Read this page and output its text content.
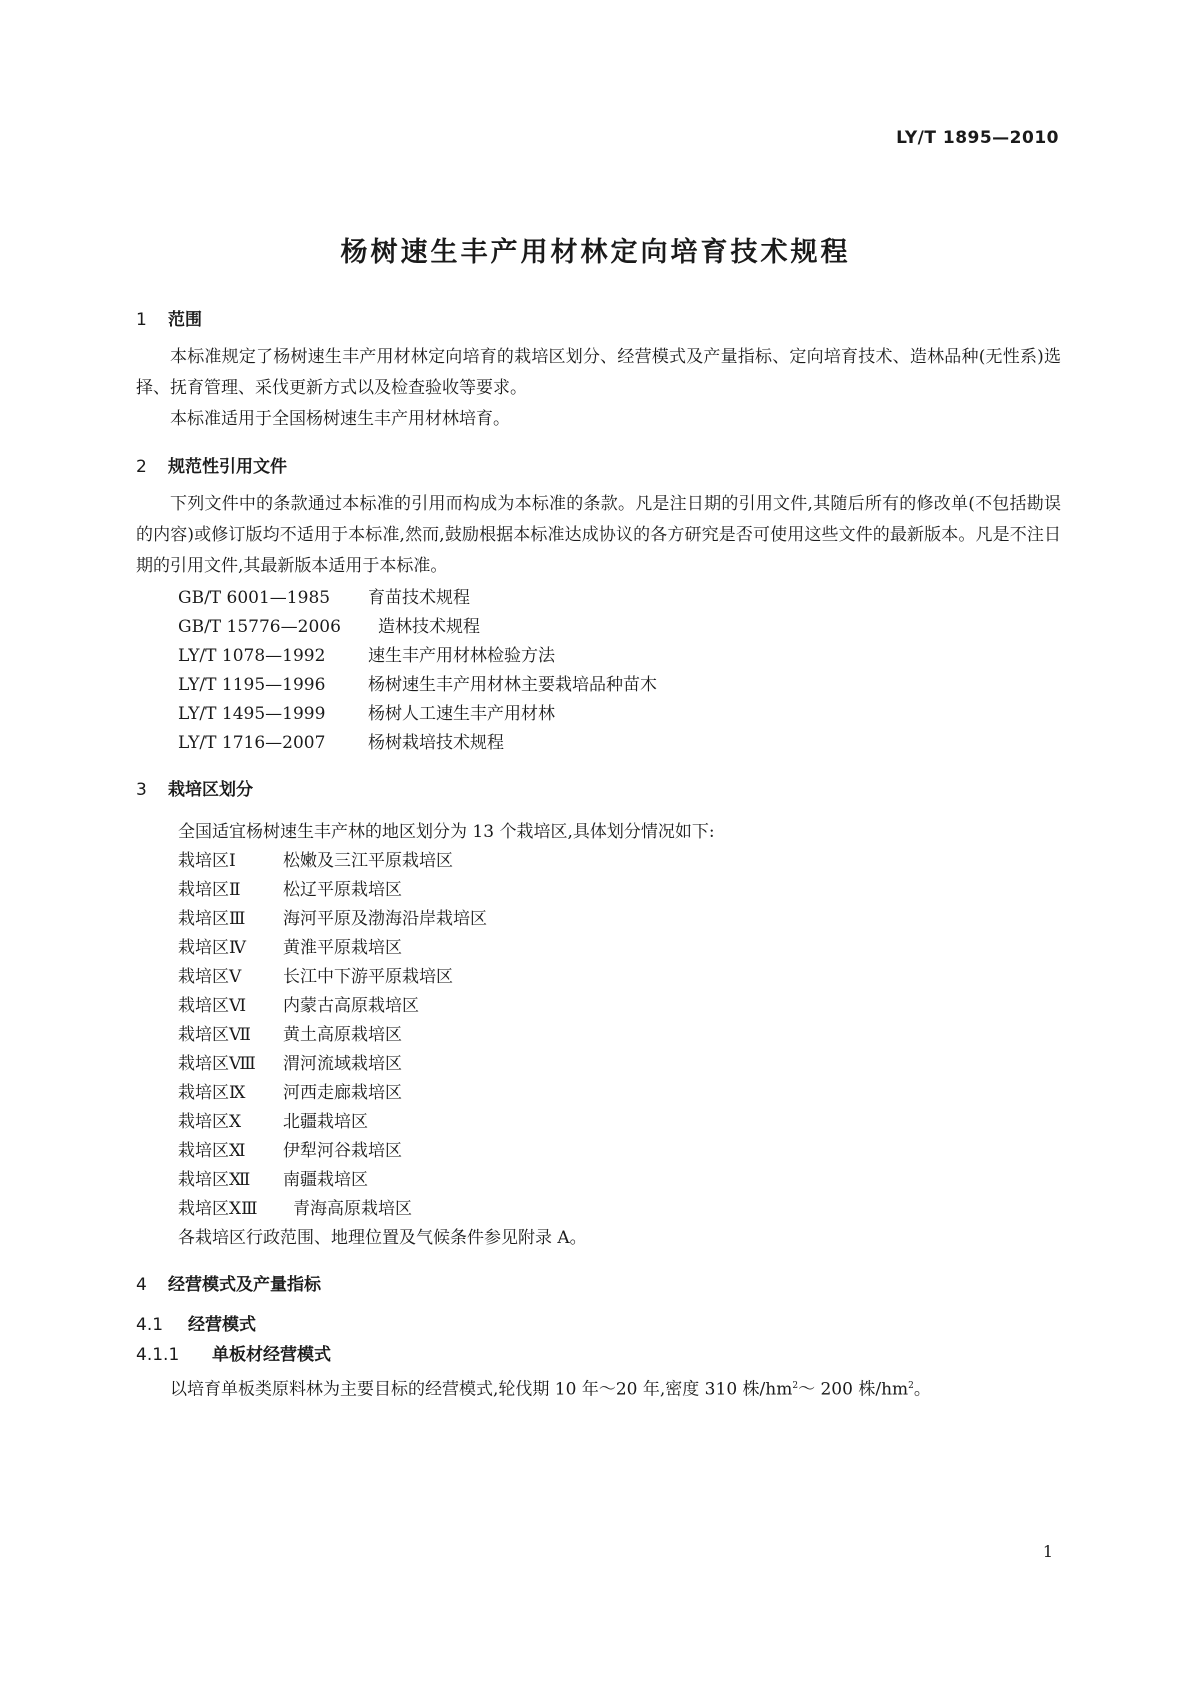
LY/T 1895—2010
杨树速生丰产用材林定向培育技术规程
1 范围
本标准规定了杨树速生丰产用材林定向培育的栽培区划分、经营模式及产量指标、定向培育技术、造林品种(无性系)选择、抚育管理、采伐更新方式以及检查验收等要求。
本标准适用于全国杨树速生丰产用材林培育。
2 规范性引用文件
下列文件中的条款通过本标准的引用而构成为本标准的条款。凡是注日期的引用文件,其随后所有的修改单(不包括勘误的内容)或修订版均不适用于本标准,然而,鼓励根据本标准达成协议的各方研究是否可使用这些文件的最新版本。凡是不注日期的引用文件,其最新版本适用于本标准。
GB/T 6001—1985 育苗技术规程
GB/T 15776—2006 造林技术规程
LY/T 1078—1992	速生丰产用材林检验方法
LY/T 1195—1996	杨树速生丰产用材林主要栽培品种苗木
LY/T 1495—1999	杨树人工速生丰产用材林
LY/T 1716—2007	杨树栽培技术规程
3 栽培区划分
全国适宜杨树速生丰产林的地区划分为 13 个栽培区,具体划分情况如下:
栽培区Ⅰ	松嫩及三江平原栽培区
栽培区Ⅱ 松辽平原栽培区
栽培区Ⅲ 海河平原及渤海沿岸栽培区
栽培区Ⅳ 黄淮平原栽培区
栽培区Ⅴ 长江中下游平原栽培区
栽培区Ⅵ 内蒙古高原栽培区
栽培区Ⅶ 黄土高原栽培区
栽培区Ⅷ 渭河流域栽培区
栽培区Ⅸ 河西走廊栽培区
栽培区Ⅹ 北疆栽培区
栽培区Ⅺ 伊犁河谷栽培区
栽培区Ⅻ 南疆栽培区
栽培区ⅩⅢ 青海高原栽培区
各栽培区行政范围、地理位置及气候条件参见附录 A。
4 经营模式及产量指标
4.1 经营模式
4.1.1 单板材经营模式
以培育单板类原料林为主要目标的经营模式,轮伐期 10 年～20 年,密度 310 株$/hm^2\sim$ 200 株$/hm^2$。
1
